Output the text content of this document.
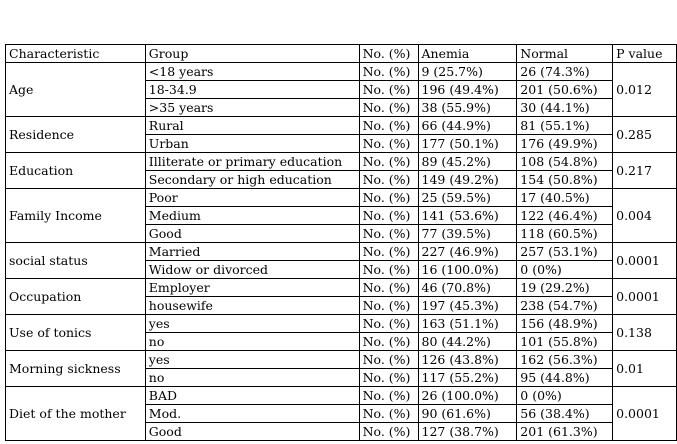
Characteristic	Group	No. (%)	Anemia	Normal	P value
Age	<18 years	No. (%)	9 (25.7%)	26 (74.3%)	0.012
	18-34.9	No. (%)	196 (49.4%)	201 (50.6%)	
	>35 years	No. (%)	38 (55.9%)	30 (44.1%)	
Residence	Rural	No. (%)	66 (44.9%)	81 (55.1%)	0.285
	Urban	No. (%)	177 (50.1%)	176 (49.9%)	
Education	Illiterate or primary education	No. (%)	89 (45.2%)	108 (54.8%)	0.217
	Secondary or high education	No. (%)	149 (49.2%)	154 (50.8%)	
Family Income	Poor	No. (%)	25 (59.5%)	17 (40.5%)	0.004
	Medium	No. (%)	141 (53.6%)	122 (46.4%)	
	Good	No. (%)	77 (39.5%)	118 (60.5%)	
social status	Married	No. (%)	227 (46.9%)	257 (53.1%)	0.0001
	Widow or divorced	No. (%)	16 (100.0%)	0 (0%)	
Occupation	Employer	No. (%)	46 (70.8%)	19 (29.2%)	0.0001
	housewife	No. (%)	197 (45.3%)	238 (54.7%)	
Use of tonics	yes	No. (%)	163 (51.1%)	156 (48.9%)	0.138
	no	No. (%)	80 (44.2%)	101 (55.8%)	
Morning sickness	yes	No. (%)	126 (43.8%)	162 (56.3%)	0.01
	no	No. (%)	117 (55.2%)	95 (44.8%)	
Diet of the mother	BAD	No. (%)	26 (100.0%)	0 (0%)	0.0001
	Mod.	No. (%)	90 (61.6%)	56 (38.4%)	
	Good	No. (%)	127 (38.7%)	201 (61.3%)	
